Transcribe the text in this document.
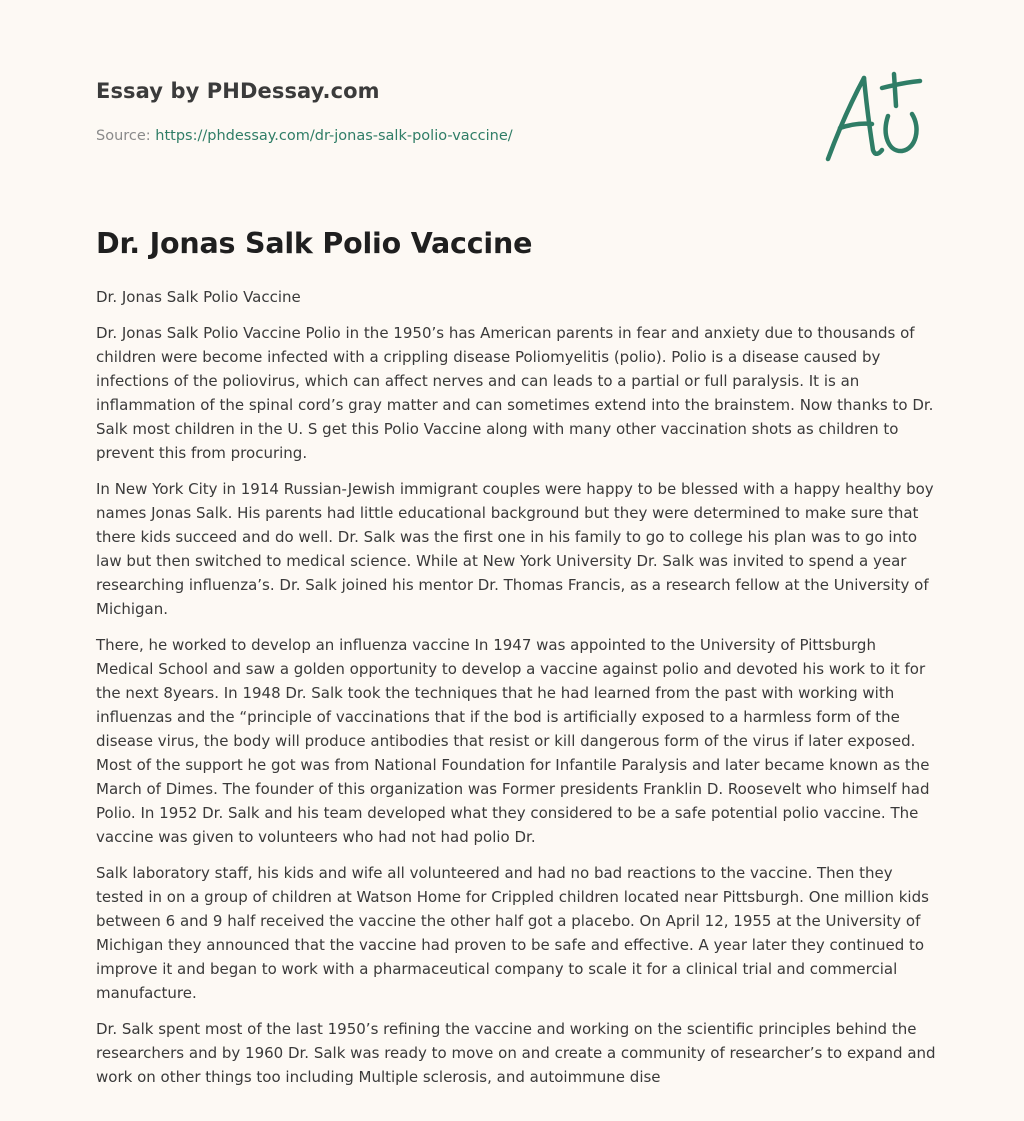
Essay by PHDessay.com
Source: https://phdessay.com/dr-jonas-salk-polio-vaccine/
Dr. Jonas Salk Polio Vaccine

Dr. Jonas Salk Polio Vaccine

Dr. Jonas Salk Polio Vaccine Polio in the 1950’s has American parents in fear and anxiety due to thousands of children were become infected with a crippling disease Poliomyelitis (polio). Polio is a disease caused by infections of the poliovirus, which can affect nerves and can leads to a partial or full paralysis. It is an inflammation of the spinal cord’s gray matter and can sometimes extend into the brainstem. Now thanks to Dr. Salk most children in the U. S get this Polio Vaccine along with many other vaccination shots as children to prevent this from procuring.

In New York City in 1914 Russian-Jewish immigrant couples were happy to be blessed with a happy healthy boy names Jonas Salk. His parents had little educational background but they were determined to make sure that there kids succeed and do well. Dr. Salk was the first one in his family to go to college his plan was to go into law but then switched to medical science. While at New York University Dr. Salk was invited to spend a year researching influenza’s. Dr. Salk joined his mentor Dr. Thomas Francis, as a research fellow at the University of Michigan.

There, he worked to develop an influenza vaccine In 1947 was appointed to the University of Pittsburgh Medical School and saw a golden opportunity to develop a vaccine against polio and devoted his work to it for the next 8years. In 1948 Dr. Salk took the techniques that he had learned from the past with working with influenzas and the “principle of vaccinations that if the bod is artificially exposed to a harmless form of the disease virus, the body will produce antibodies that resist or kill dangerous form of the virus if later exposed. Most of the support he got was from National Foundation for Infantile Paralysis and later became known as the March of Dimes. The founder of this organization was Former presidents Franklin D. Roosevelt who himself had Polio. In 1952 Dr. Salk and his team developed what they considered to be a safe potential polio vaccine. The vaccine was given to volunteers who had not had polio Dr.

Salk laboratory staff, his kids and wife all volunteered and had no bad reactions to the vaccine. Then they tested in on a group of children at Watson Home for Crippled children located near Pittsburgh. One million kids between 6 and 9 half received the vaccine the other half got a placebo. On April 12, 1955 at the University of Michigan they announced that the vaccine had proven to be safe and effective. A year later they continued to improve it and began to work with a pharmaceutical company to scale it for a clinical trial and commercial manufacture.

Dr. Salk spent most of the last 1950’s refining the vaccine and working on the scientific principles behind the researchers and by 1960 Dr. Salk was ready to move on and create a community of researcher’s to expand and work on other things too including Multiple sclerosis, and autoimmune dise
